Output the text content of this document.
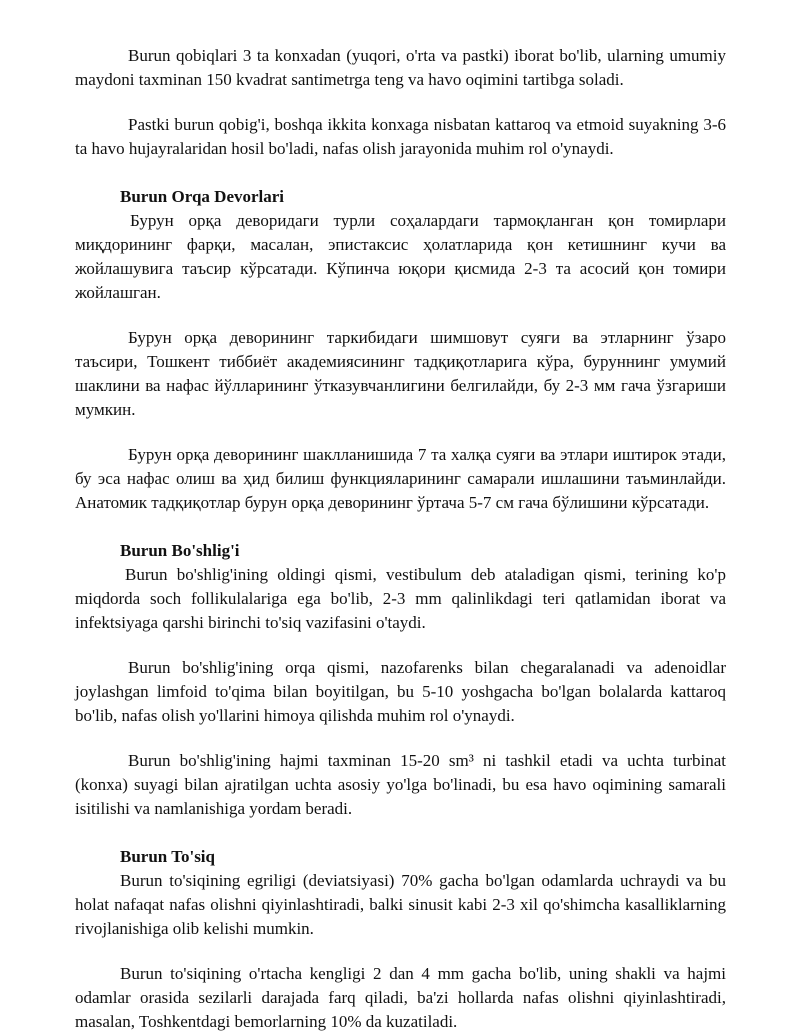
Burun qobiqlari 3 ta konxadan (yuqori, o'rta va pastki) iborat bo'lib, ularning umumiy maydoni taxminan 150 kvadrat santimetrga teng va havo oqimini tartibga soladi.

Pastki burun qobig'i, boshqa ikkita konxaga nisbatan kattaroq va etmoid suyakning 3-6 ta havo hujayralaridan hosil bo'ladi, nafas olish jarayonida muhim rol o'ynaydi.

Burun Orqa Devorlari

Бурун орқа деворидаги турли соҳалардаги тармоқланган қон томирлари миқдорининг фарқи, масалан, эпистаксис ҳолатларида қон кетишнинг кучи ва жойлашувига таъсир кўрсатади. Кўпинча юқори қисмида 2-3 та асосий қон томири жойлашган.

Бурун орқа деворининг таркибидаги шимшовут суяги ва этларнинг ўзаро таъсири, Тошкент тиббиёт академиясининг тадқиқотларига кўра, буруннинг умумий шаклини ва нафас йўлларининг ўтказувчанлигини белгилайди, бу 2-3 мм гача ўзгариши мумкин.

Бурун орқа деворининг шаклланишида 7 та халқа суяги ва этлари иштирок этади, бу эса нафас олиш ва ҳид билиш функцияларининг самарали ишлашини таъминлайди. Анатомик тадқиқотлар бурун орқа деворининг ўртача 5-7 см гача бўлишини кўрсатади.

Burun Bo'shlig'i

Burun bo'shlig'ining oldingi qismi, vestibulum deb ataladigan qismi, terining ko'p miqdorda soch follikulalariga ega bo'lib, 2-3 mm qalinlikdagi teri qatlamidan iborat va infektsiyaga qarshi birinchi to'siq vazifasini o'taydi.

Burun bo'shlig'ining orqa qismi, nazofarenks bilan chegaralanadi va adenoidlar joylashgan limfoid to'qima bilan boyitilgan, bu 5-10 yoshgacha bo'lgan bolalarda kattaroq bo'lib, nafas olish yo'llarini himoya qilishda muhim rol o'ynaydi.

Burun bo'shlig'ining hajmi taxminan 15-20 sm³ ni tashkil etadi va uchta turbinat (konxa) suyagi bilan ajratilgan uchta asosiy yo'lga bo'linadi, bu esa havo oqimining samarali isitilishi va namlanishiga yordam beradi.

Burun To'siq

Burun to'siqining egriligi (deviatsiyasi) 70% gacha bo'lgan odamlarda uchraydi va bu holat nafaqat nafas olishni qiyinlashtiradi, balki sinusit kabi 2-3 xil qo'shimcha kasalliklarning rivojlanishiga olib kelishi mumkin.

Burun to'siqining o'rtacha kengligi 2 dan 4 mm gacha bo'lib, uning shakli va hajmi odamlar orasida sezilarli darajada farq qiladi, ba'zi hollarda nafas olishni qiyinlashtiradi, masalan, Toshkentdagi bemorlarning 10% da kuzatiladi.
